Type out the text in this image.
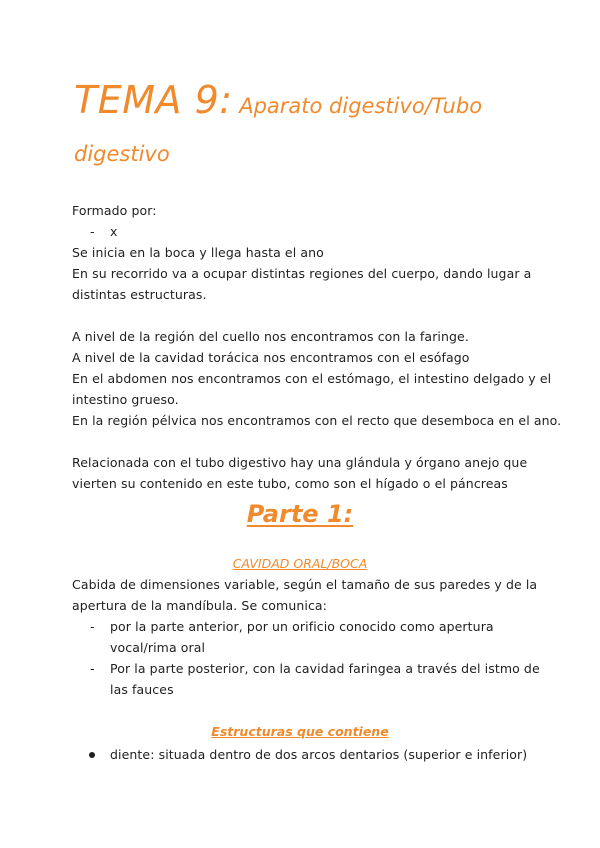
TEMA 9: Aparato digestivo/Tubo
digestivo
Formado por:
- x
Se inicia en la boca y llega hasta el ano
En su recorrido va a ocupar distintas regiones del cuerpo, dando lugar a
distintas estructuras.
A nivel de la región del cuello nos encontramos con la faringe.
A nivel de la cavidad torácica nos encontramos con el esófago
En el abdomen nos encontramos con el estómago, el intestino delgado y el
intestino grueso.
En la región pélvica nos encontramos con el recto que desemboca en el ano.
Relacionada con el tubo digestivo hay una glándula y órgano anejo que
vierten su contenido en este tubo, como son el hígado o el páncreas
Parte 1:
CAVIDAD ORAL/BOCA
Cabida de dimensiones variable, según el tamaño de sus paredes y de la
apertura de la mandíbula. Se comunica:
- por la parte anterior, por un orificio conocido como apertura
vocal/rima oral
- Por la parte posterior, con la cavidad faringea a través del istmo de
las fauces
Estructuras que contiene
diente: situada dentro de dos arcos dentarios (superior e inferior)
